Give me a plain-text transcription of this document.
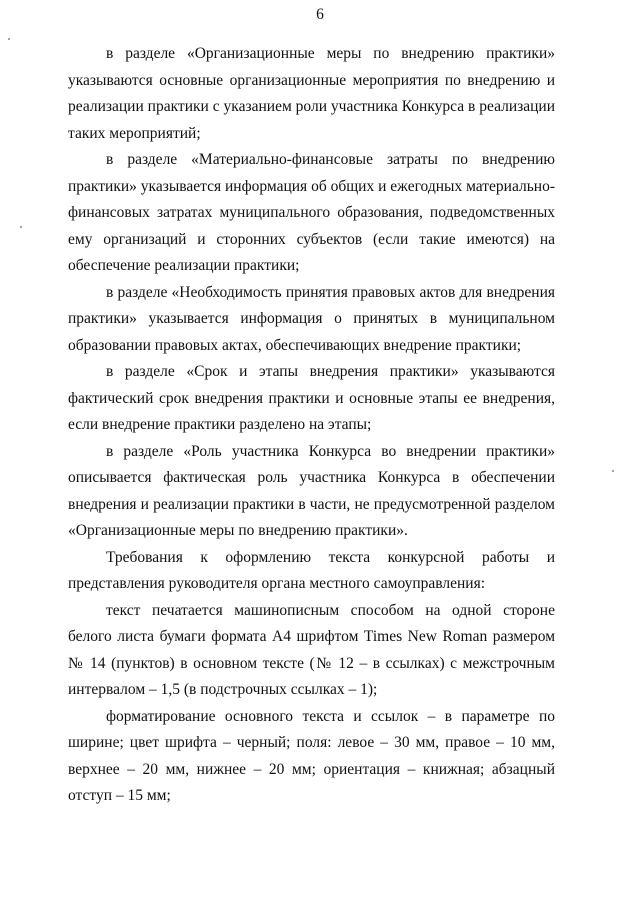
6

в разделе «Организационные меры по внедрению практики» указываются основные организационные мероприятия по внедрению и реализации практики с указанием роли участника Конкурса в реализации таких мероприятий;

в разделе «Материально-финансовые затраты по внедрению практики» указывается информация об общих и ежегодных материально-финансовых затратах муниципального образования, подведомственных ему организаций и сторонних субъектов (если такие имеются) на обеспечение реализации практики;

в разделе «Необходимость принятия правовых актов для внедрения практики» указывается информация о принятых в муниципальном образовании правовых актах, обеспечивающих внедрение практики;

в разделе «Срок и этапы внедрения практики» указываются фактический срок внедрения практики и основные этапы ее внедрения, если внедрение практики разделено на этапы;

в разделе «Роль участника Конкурса во внедрении практики» описывается фактическая роль участника Конкурса в обеспечении внедрения и реализации практики в части, не предусмотренной разделом «Организационные меры по внедрению практики».

Требования к оформлению текста конкурсной работы и представления руководителя органа местного самоуправления:

текст печатается машинописным способом на одной стороне белого листа бумаги формата А4 шрифтом Times New Roman размером № 14 (пунктов) в основном тексте (№ 12 – в ссылках) с межстрочным интервалом – 1,5 (в подстрочных ссылках – 1);

форматирование основного текста и ссылок – в параметре по ширине; цвет шрифта – черный; поля: левое – 30 мм, правое – 10 мм, верхнее – 20 мм, нижнее – 20 мм; ориентация – книжная; абзацный отступ – 15 мм;
